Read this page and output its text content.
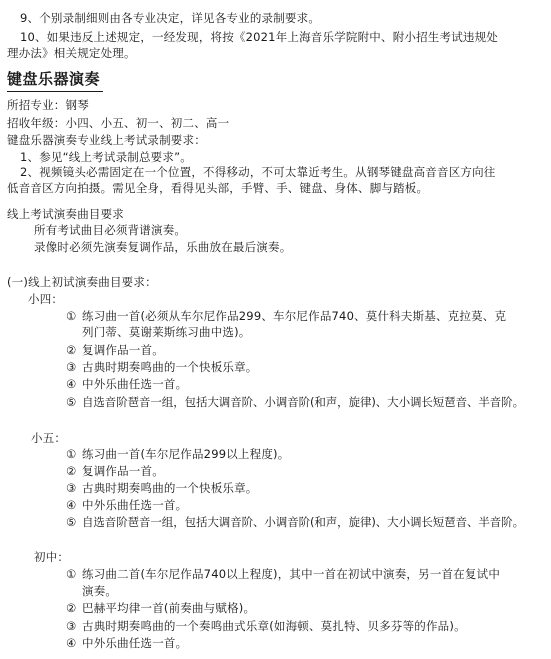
9、个别录制细则由各专业决定，详见各专业的录制要求。
10、如果违反上述规定，一经发现，将按《2021年上海音乐学院附中、附小招生考试违规处
理办法》相关规定处理。
键盘乐器演奏
所招专业：钢琴
招收年级：小四、小五、初一、初二、高一
键盘乐器演奏专业线上考试录制要求：
1、参见“线上考试录制总要求”。
2、视频镜头必需固定在一个位置，不得移动，不可太靠近考生。从钢琴键盘高音音区方向往
低音音区方向拍摄。需见全身，看得见头部，手臂、手、键盘、身体、脚与踏板。
线上考试演奏曲目要求
所有考试曲目必须背谱演奏。
录像时必须先演奏复调作品，乐曲放在最后演奏。
(一)线上初试演奏曲目要求：
小四：
① 练习曲一首(必须从车尔尼作品299、车尔尼作品740、莫什科夫斯基、克拉莫、克
列门蒂、莫谢莱斯练习曲中选)。
② 复调作品一首。
③ 古典时期奏鸣曲的一个快板乐章。
④ 中外乐曲任选一首。
⑤ 自选音阶琶音一组，包括大调音阶、小调音阶(和声，旋律)、大小调长短琶音、半音阶。
小五：
① 练习曲一首(车尔尼作品299以上程度)。
② 复调作品一首。
③ 古典时期奏鸣曲的一个快板乐章。
④ 中外乐曲任选一首。
⑤ 自选音阶琶音一组，包括大调音阶、小调音阶(和声，旋律)、大小调长短琶音、半音阶。
初中：
① 练习曲二首(车尔尼作品740以上程度)，其中一首在初试中演奏，另一首在复试中
演奏。
② 巴赫平均律一首(前奏曲与赋格)。
③ 古典时期奏鸣曲的一个奏鸣曲式乐章(如海顿、莫扎特、贝多芬等的作品)。
④ 中外乐曲任选一首。
